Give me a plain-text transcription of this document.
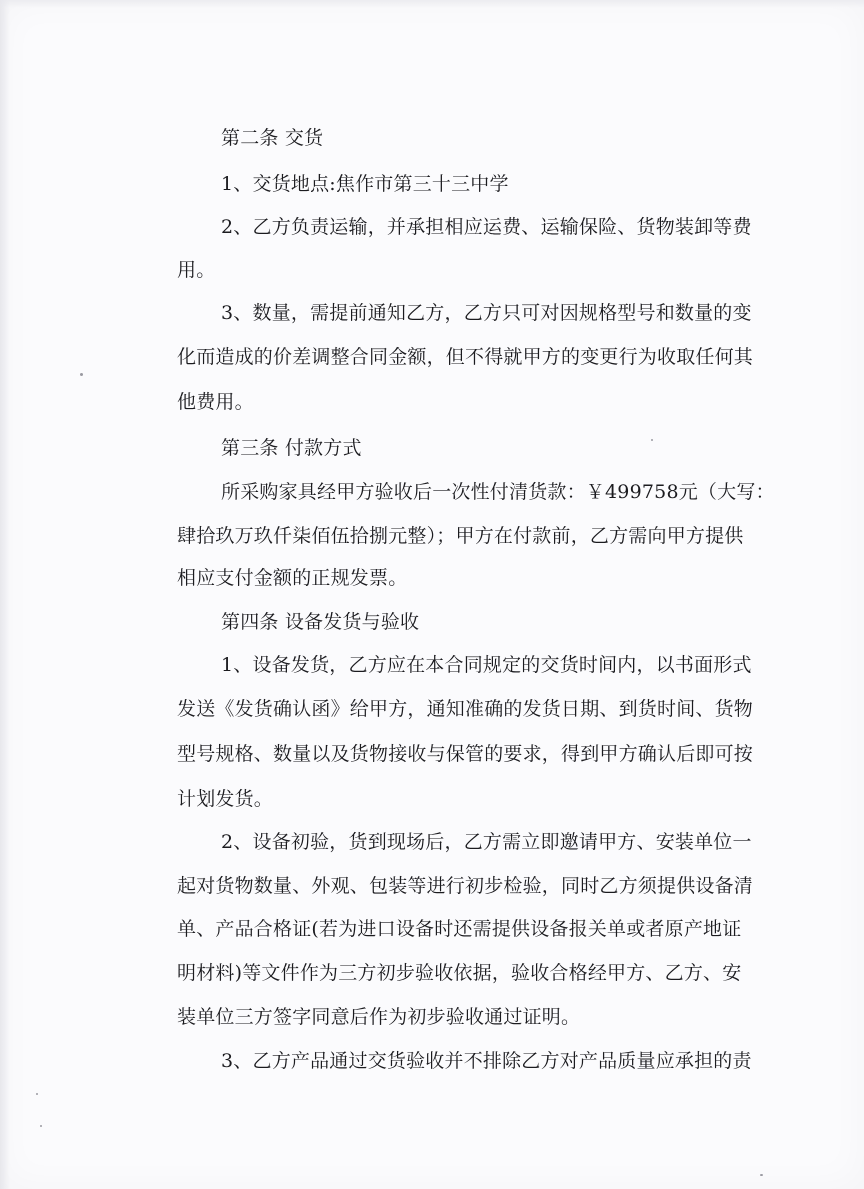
第二条 交货
1、交货地点:焦作市第三十三中学
2、乙方负责运输，并承担相应运费、运输保险、货物装卸等费
用。
3、数量，需提前通知乙方，乙方只可对因规格型号和数量的变
化而造成的价差调整合同金额，但不得就甲方的变更行为收取任何其
他费用。
第三条 付款方式
所采购家具经甲方验收后一次性付清货款：￥499758元（大写：
肆拾玖万玖仟柒佰伍拾捌元整）；甲方在付款前，乙方需向甲方提供
相应支付金额的正规发票。
第四条 设备发货与验收
1、设备发货，乙方应在本合同规定的交货时间内，以书面形式
发送《发货确认函》给甲方，通知准确的发货日期、到货时间、货物
型号规格、数量以及货物接收与保管的要求，得到甲方确认后即可按
计划发货。
2、设备初验，货到现场后，乙方需立即邀请甲方、安装单位一
起对货物数量、外观、包装等进行初步检验，同时乙方须提供设备清
单、产品合格证(若为进口设备时还需提供设备报关单或者原产地证
明材料)等文件作为三方初步验收依据，验收合格经甲方、乙方、安
装单位三方签字同意后作为初步验收通过证明。
3、乙方产品通过交货验收并不排除乙方对产品质量应承担的责
